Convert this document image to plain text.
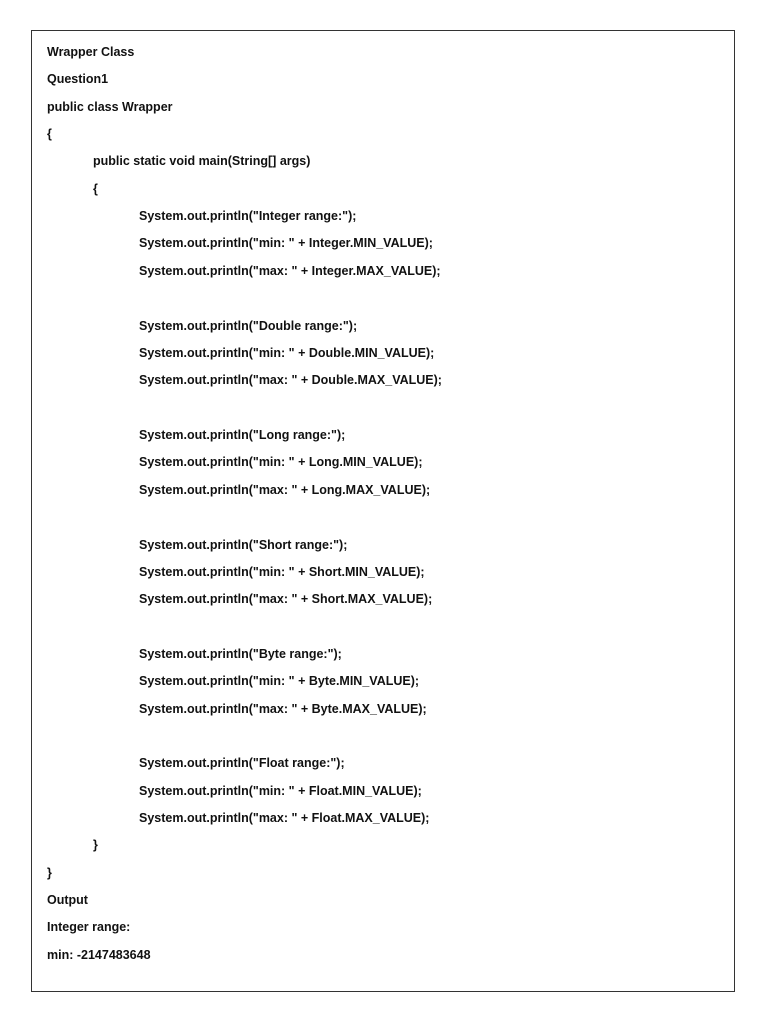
Wrapper Class
Question1
public class Wrapper
{
public static void main(String[] args)
{
System.out.println("Integer range:");
System.out.println("min: " + Integer.MIN_VALUE);
System.out.println("max: " + Integer.MAX_VALUE);
System.out.println("Double range:");
System.out.println("min: " + Double.MIN_VALUE);
System.out.println("max: " + Double.MAX_VALUE);
System.out.println("Long range:");
System.out.println("min: " + Long.MIN_VALUE);
System.out.println("max: " + Long.MAX_VALUE);
System.out.println("Short range:");
System.out.println("min: " + Short.MIN_VALUE);
System.out.println("max: " + Short.MAX_VALUE);
System.out.println("Byte range:");
System.out.println("min: " + Byte.MIN_VALUE);
System.out.println("max: " + Byte.MAX_VALUE);
System.out.println("Float range:");
System.out.println("min: " + Float.MIN_VALUE);
System.out.println("max: " + Float.MAX_VALUE);
}
}
Output
Integer range:
min: -2147483648
